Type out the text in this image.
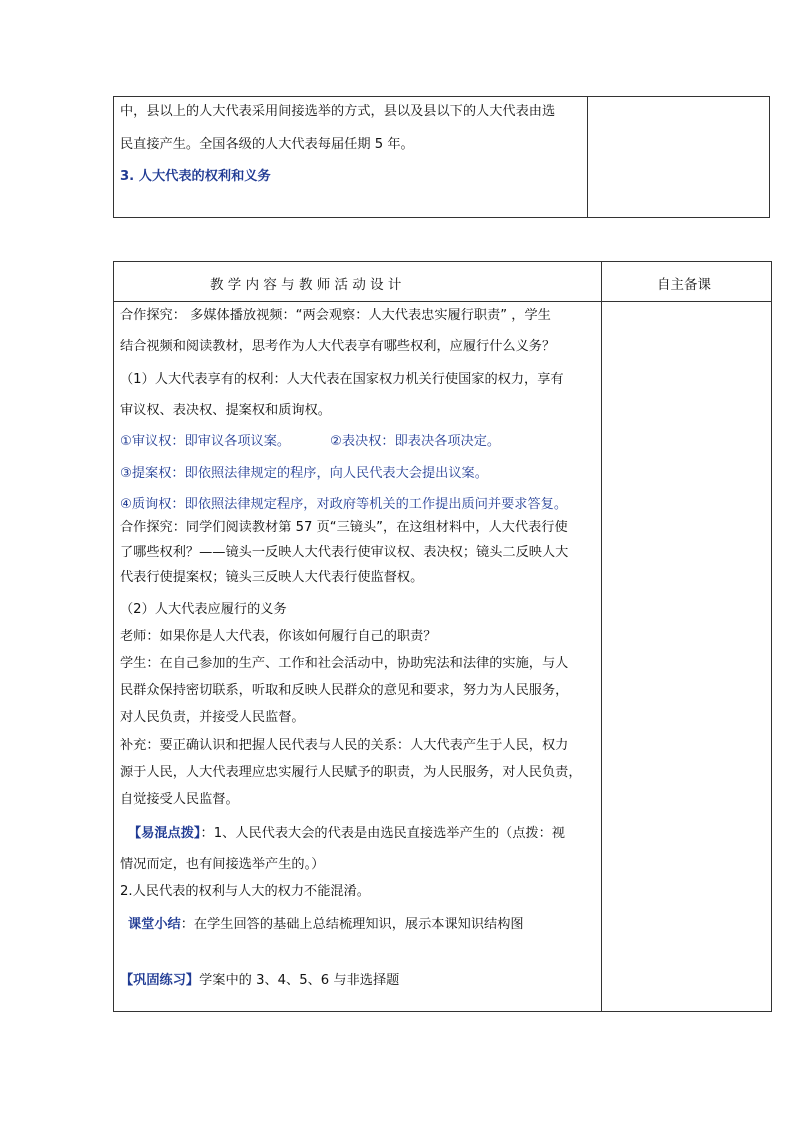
中，县以上的人大代表采用间接选举的方式，县以及县以下的人大代表由选
民直接产生。全国各级的人大代表每届任期 5 年。
3. 人大代表的权利和义务
教 学 内 容 与 教 师 活 动 设 计	自主备课
合作探究： 多媒体播放视频：“两会观察：人大代表忠实履行职责” ，学生
结合视频和阅读教材，思考作为人大代表享有哪些权利，应履行什么义务？
（1）人大代表享有的权利：人大代表在国家权力机关行使国家的权力，享有
审议权、表决权、提案权和质询权。
①审议权：即审议各项议案。	②表决权：即表决各项决定。
③提案权：即依照法律规定的程序，向人民代表大会提出议案。
④质询权：即依照法律规定程序，对政府等机关的工作提出质问并要求答复。
合作探究：同学们阅读教材第 57 页“三镜头”，在这组材料中，人大代表行使
了哪些权利？——镜头一反映人大代表行使审议权、表决权；镜头二反映人大
代表行使提案权；镜头三反映人大代表行使监督权。
（2）人大代表应履行的义务
老师：如果你是人大代表，你该如何履行自己的职责？
学生：在自己参加的生产、工作和社会活动中，协助宪法和法律的实施，与人
民群众保持密切联系，听取和反映人民群众的意见和要求，努力为人民服务，
对人民负责，并接受人民监督。
补充：要正确认识和把握人民代表与人民的关系：人大代表产生于人民，权力
源于人民，人大代表理应忠实履行人民赋予的职责，为人民服务，对人民负责，
自觉接受人民监督。
【易混点拨】：1、人民代表大会的代表是由选民直接选举产生的（点拨：视
情况而定，也有间接选举产生的。）
2.人民代表的权利与人大的权力不能混淆。
课堂小结：在学生回答的基础上总结梳理知识，展示本课知识结构图
【巩固练习】学案中的 3、4、5、6 与非选择题
